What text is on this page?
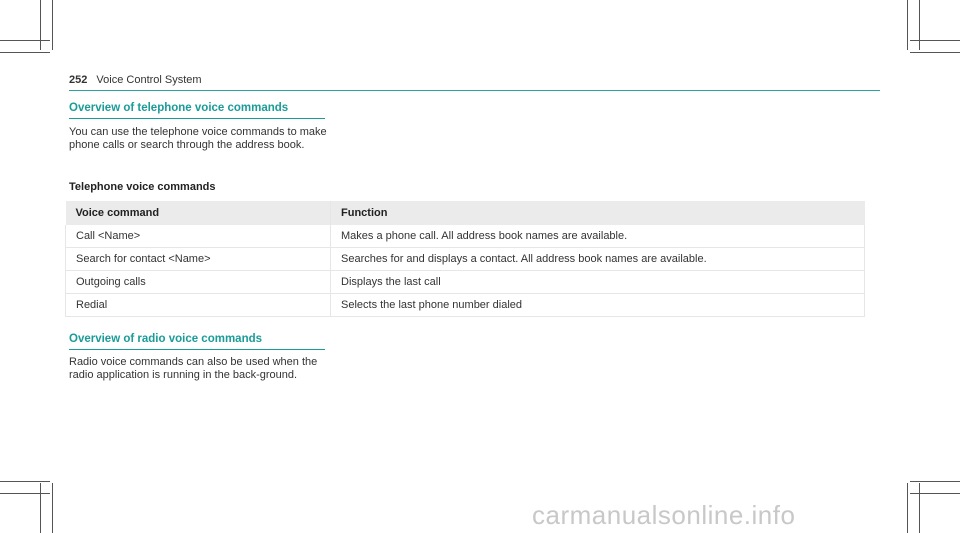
252 Voice Control System
Overview of telephone voice commands
You can use the telephone voice commands to make phone calls or search through the address book.
Telephone voice commands
Voice command	Function
Call <Name>	Makes a phone call. All address book names are available.
Search for contact <Name>	Searches for and displays a contact. All address book names are available.
Outgoing calls	Displays the last call
Redial	Selects the last phone number dialed
Overview of radio voice commands
Radio voice commands can also be used when the radio application is running in the back-ground.
carmanualsonline.info
